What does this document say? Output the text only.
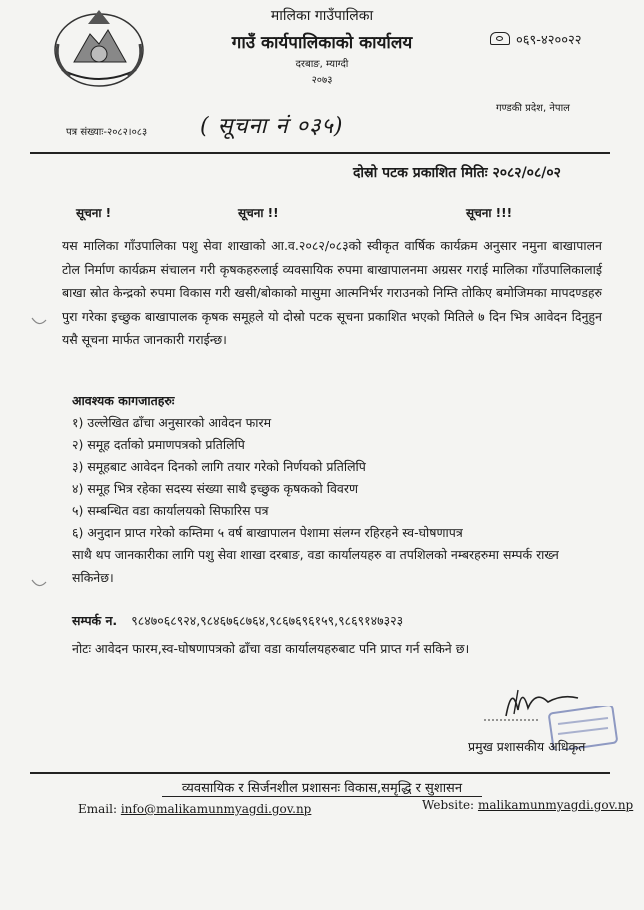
मालिका गाउँपालिका
गाउँ कार्यपालिकाको कार्यालय
दरबाङ, म्याग्दी
२०७३
०६९-४२००२२
गण्डकी प्रदेश, नेपाल
पत्र संख्याः-२०८२।०८३ ( सूचना नं ०३५)
दोस्रो पटक प्रकाशित मितिः २०८२/०८/०२
सूचना !	सूचना !!	सूचना !!!
यस मालिका गाँउपालिका पशु सेवा शाखाको आ.व.२०८२/०८३को स्वीकृत वार्षिक कार्यक्रम अनुसार नमुना बाखापालन टोल निर्माण कार्यक्रम संचालन गरी कृषकहरुलाई व्यवसायिक रुपमा बाखापालनमा अग्रसर गराई मालिका गाँउपालिकालाई बाखा स्रोत केन्द्रको रुपमा विकास गरी खसी/बोकाको मासुमा आत्मनिर्भर गराउनको निम्ति तोकिए बमोजिमका मापदण्डहरु पुरा गरेका इच्छुक बाखापालक कृषक समूहले यो दोस्रो पटक सूचना प्रकाशित भएको मितिले ७ दिन भित्र आवेदन दिनुहुन यसै सूचना मार्फत जानकारी गराईन्छ।
आवश्यक कागजातहरुः
१) उल्लेखित ढाँचा अनुसारको आवेदन फारम
२) समूह दर्ताको प्रमाणपत्रको प्रतिलिपि
३) समूहबाट आवेदन दिनको लागि तयार गरेको निर्णयको प्रतिलिपि
४) समूह भित्र रहेका सदस्य संख्या साथै इच्छुक कृषकको विवरण
५) सम्बन्धित वडा कार्यालयको सिफारिस पत्र
६) अनुदान प्राप्त गरेको कम्तिमा ५ वर्ष बाखापालन पेशामा संलग्न रहिरहने स्व-घोषणापत्र
साथै थप जानकारीका लागि पशु सेवा शाखा दरबाङ, वडा कार्यालयहरु वा तपशिलको नम्बरहरुमा सम्पर्क राख्न सकिनेछ।
सम्पर्क न. ९८४७०६८९२४,९८४६७६८७६४,९८६७६९६१५९,९८६९१४७३२३
नोटः आवेदन फारम,स्व-घोषणापत्रको ढाँचा वडा कार्यालयहरुबाट पनि प्राप्त गर्न सकिने छ।
प्रमुख प्रशासकीय अधिकृत
व्यवसायिक र सिर्जनशील प्रशासनः विकास,समृद्धि र सुशासन
Email: info@malikamunmyagdi.gov.np	Website: malikamunmyagdi.gov.np
